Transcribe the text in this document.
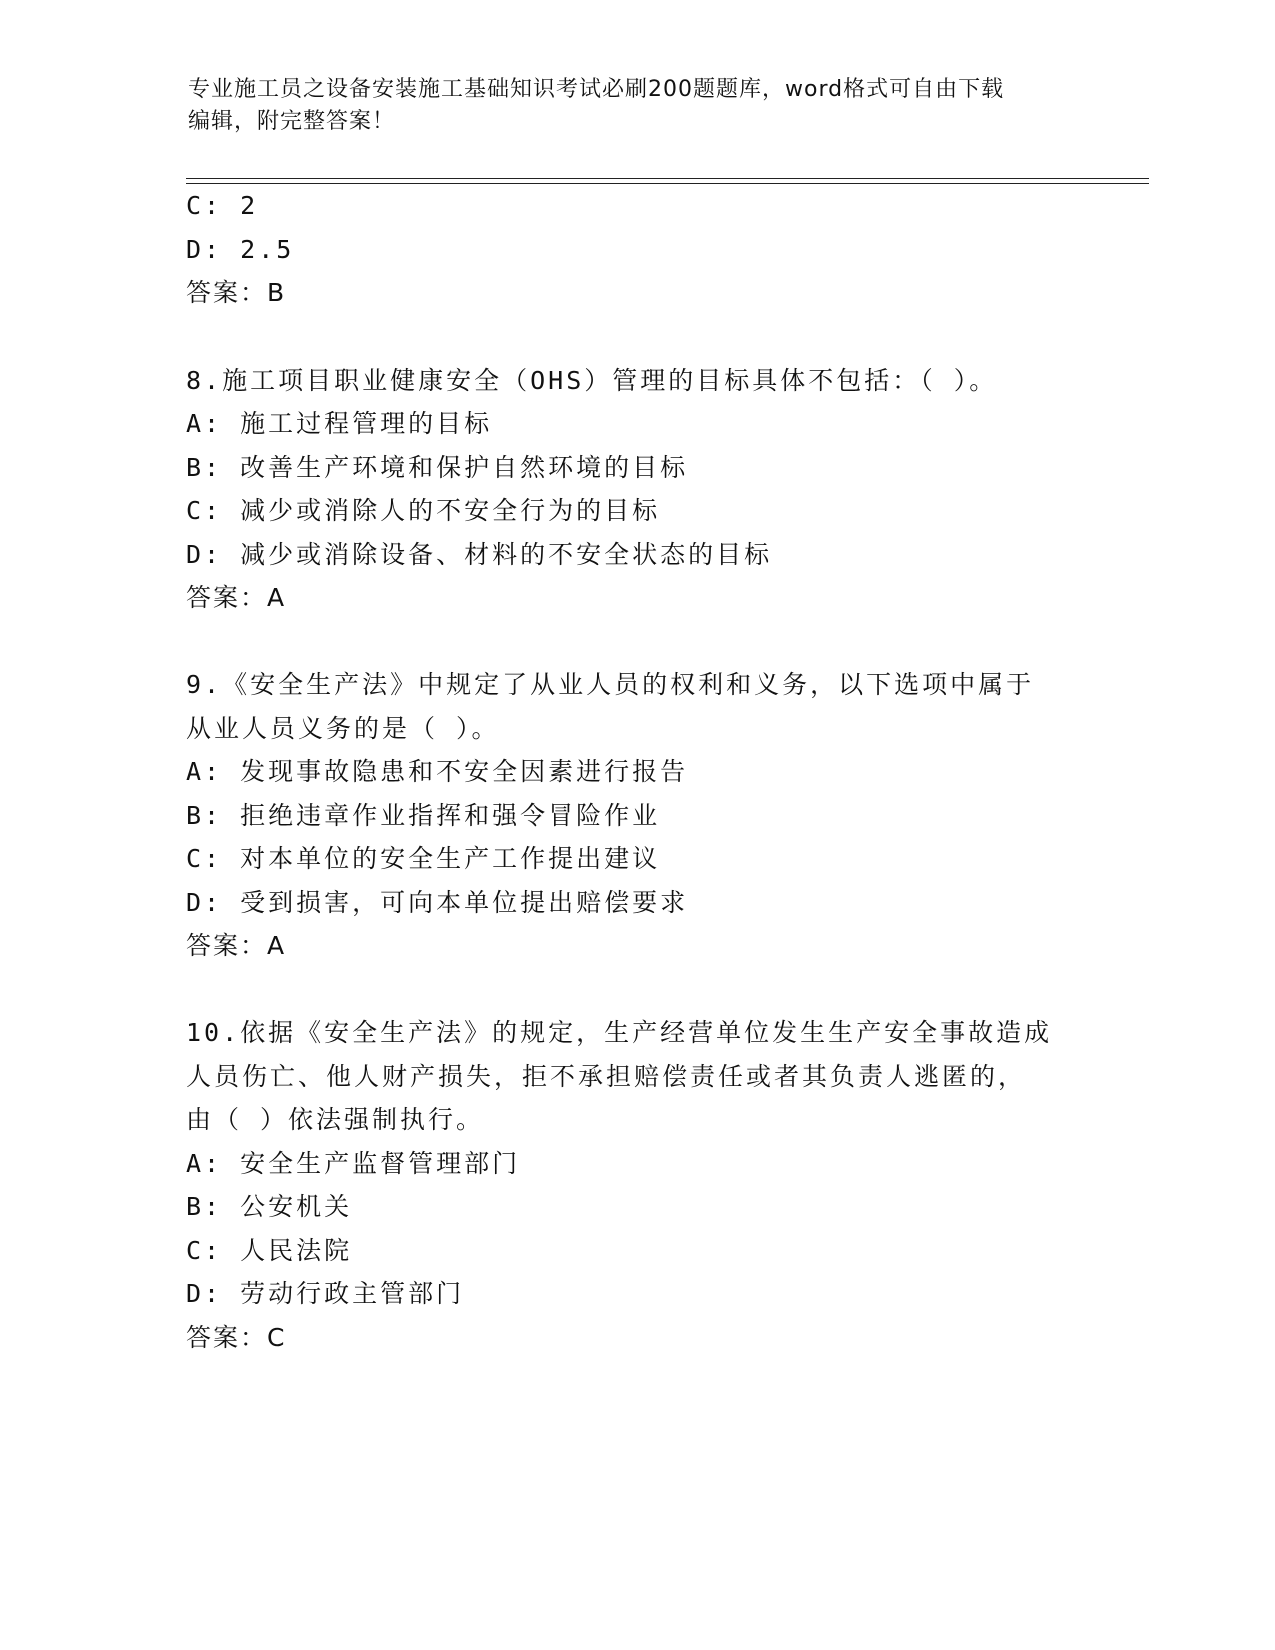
专业施工员之设备安装施工基础知识考试必刷200题题库，word格式可自由下载
编辑，附完整答案！
C: 2
D: 2.5
答案：B
8.施工项目职业健康安全（OHS）管理的目标具体不包括：（ ）。
A: 施工过程管理的目标
B: 改善生产环境和保护自然环境的目标
C: 减少或消除人的不安全行为的目标
D: 减少或消除设备、材料的不安全状态的目标
答案：A
9.《安全生产法》中规定了从业人员的权利和义务，以下选项中属于
从业人员义务的是（ ）。
A: 发现事故隐患和不安全因素进行报告
B: 拒绝违章作业指挥和强令冒险作业
C: 对本单位的安全生产工作提出建议
D: 受到损害，可向本单位提出赔偿要求
答案：A
10.依据《安全生产法》的规定，生产经营单位发生生产安全事故造成
人员伤亡、他人财产损失，拒不承担赔偿责任或者其负责人逃匿的，
由（ ）依法强制执行。
A: 安全生产监督管理部门
B: 公安机关
C: 人民法院
D: 劳动行政主管部门
答案：C
